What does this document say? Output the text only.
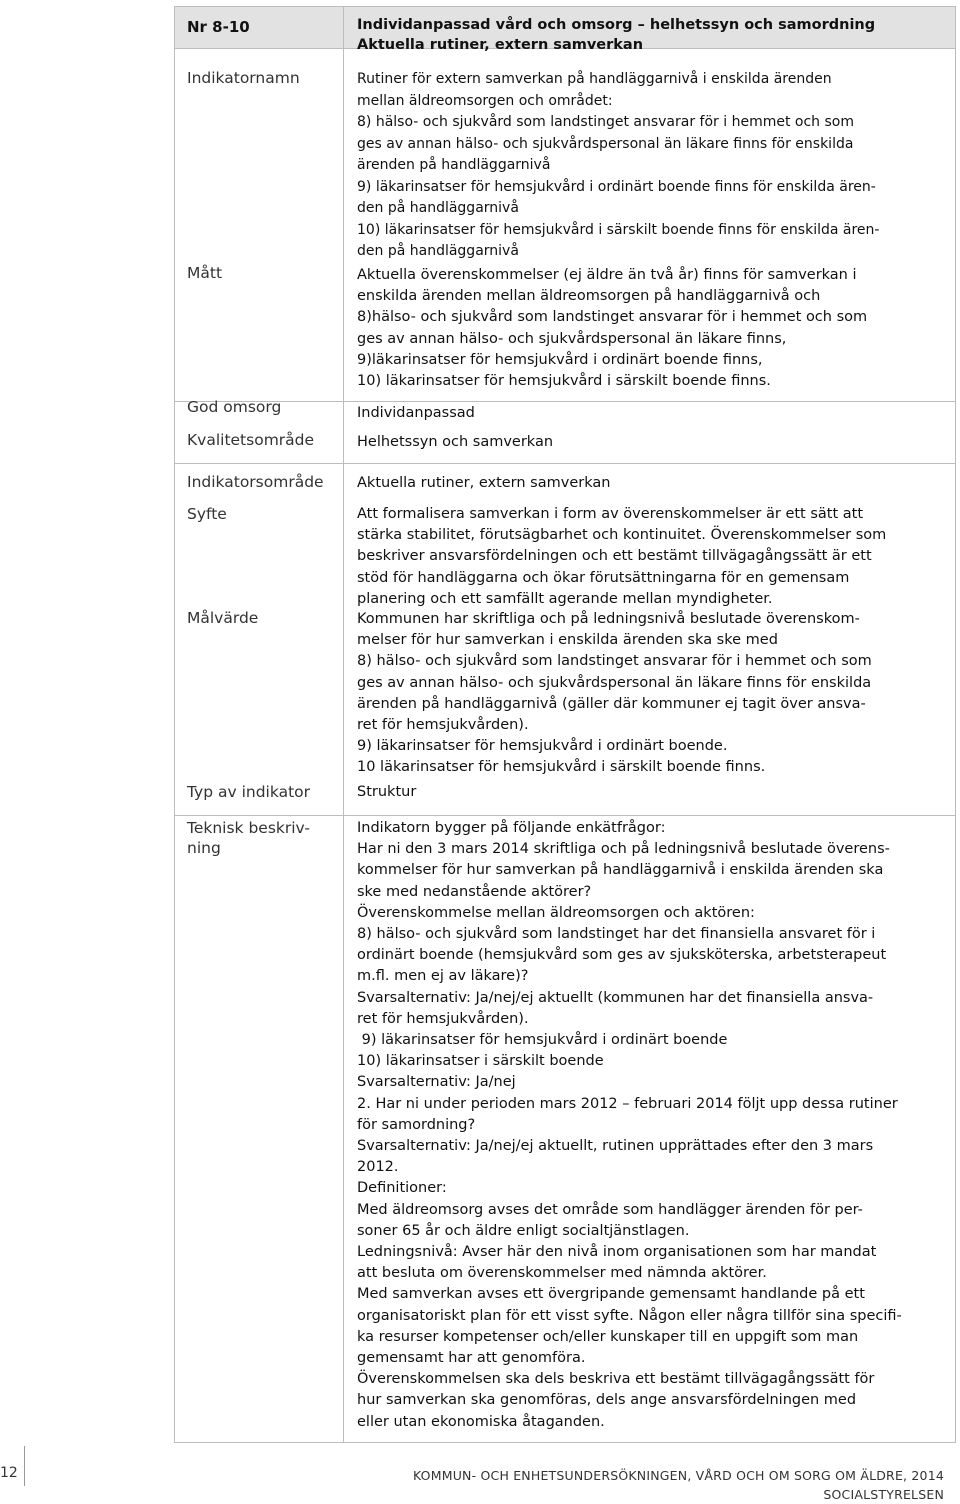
Nr 8-10	Individanpassad vård och omsorg – helhetssyn och samordning

Aktuella rutiner, extern samverkan

Indikatornamn	Rutiner för extern samverkan på handläggarnivå i enskilda ärenden

mellan äldreomsorgen och området:

8) hälso- och sjukvård som landstinget ansvarar för i hemmet och som

ges av annan hälso- och sjukvårdspersonal än läkare finns för enskilda

ärenden på handläggarnivå

9) läkarinsatser för hemsjukvård i ordinärt boende finns för enskilda ären-

den på handläggarnivå

10) läkarinsatser för hemsjukvård i särskilt boende finns för enskilda ären-

den på handläggarnivå

Mått	Aktuella överenskommelser (ej äldre än två år) finns för samverkan i

enskilda ärenden mellan äldreomsorgen på handläggarnivå och

8)hälso- och sjukvård som landstinget ansvarar för i hemmet och som

ges av annan hälso- och sjukvårdspersonal än läkare finns,

9)läkarinsatser för hemsjukvård i ordinärt boende finns,

10) läkarinsatser för hemsjukvård i särskilt boende finns.

God omsorg	Individanpassad
Kvalitetsområde	Helhetssyn och samverkan
Indikatorsområde	Aktuella rutiner, extern samverkan
Syfte	Att formalisera samverkan i form av överenskommelser är ett sätt att

stärka stabilitet, förutsägbarhet och kontinuitet. Överenskommelser som

beskriver ansvarsfördelningen och ett bestämt tillvägagångssätt är ett

stöd för handläggarna och ökar förutsättningarna för en gemensam

planering och ett samfällt agerande mellan myndigheter.

Målvärde	Kommunen har skriftliga och på ledningsnivå beslutade överenskom-

melser för hur samverkan i enskilda ärenden ska ske med

8) hälso- och sjukvård som landstinget ansvarar för i hemmet och som

ges av annan hälso- och sjukvårdspersonal än läkare finns för enskilda

ärenden på handläggarnivå (gäller där kommuner ej tagit över ansva-

ret för hemsjukvården).

9) läkarinsatser för hemsjukvård i ordinärt boende.

10 läkarinsatser för hemsjukvård i särskilt boende finns.

Typ av indikator	Struktur
Teknisk beskriv-
ning

Indikatorn bygger på följande enkätfrågor:

Har ni den 3 mars 2014 skriftliga och på ledningsnivå beslutade överens-

kommelser för hur samverkan på handläggarnivå i enskilda ärenden ska

ske med nedanstående aktörer?

Överenskommelse mellan äldreomsorgen och aktören:

8) hälso- och sjukvård som landstinget har det finansiella ansvaret för i

ordinärt boende (hemsjukvård som ges av sjuksköterska, arbetsterapeut

m.fl. men ej av läkare)?

Svarsalternativ: Ja/nej/ej aktuellt (kommunen har det finansiella ansva-

ret för hemsjukvården).

9) läkarinsatser för hemsjukvård i ordinärt boende

10) läkarinsatser i särskilt boende

Svarsalternativ: Ja/nej

2. Har ni under perioden mars 2012 – februari 2014 följt upp dessa rutiner

för samordning?

Svarsalternativ: Ja/nej/ej aktuellt, rutinen upprättades efter den 3 mars

2012.

Definitioner:

Med äldreomsorg avses det område som handlägger ärenden för per-

soner 65 år och äldre enligt socialtjänstlagen.

Ledningsnivå: Avser här den nivå inom organisationen som har mandat

att besluta om överenskommelser med nämnda aktörer.

Med samverkan avses ett övergripande gemensamt handlande på ett

organisatoriskt plan för ett visst syfte. Någon eller några tillför sina specifi-

ka resurser kompetenser och/eller kunskaper till en uppgift som man

gemensamt har att genomföra.

Överenskommelsen ska dels beskriva ett bestämt tillvägagångssätt för

hur samverkan ska genomföras, dels ange ansvarsfördelningen med

eller utan ekonomiska åtaganden.

12	KOMMUN- OCH ENHETSUNDERSÖKNINGEN, VÅRD OCH OM SORG OM ÄLDRE, 2014
SOCIALSTYRELSEN
